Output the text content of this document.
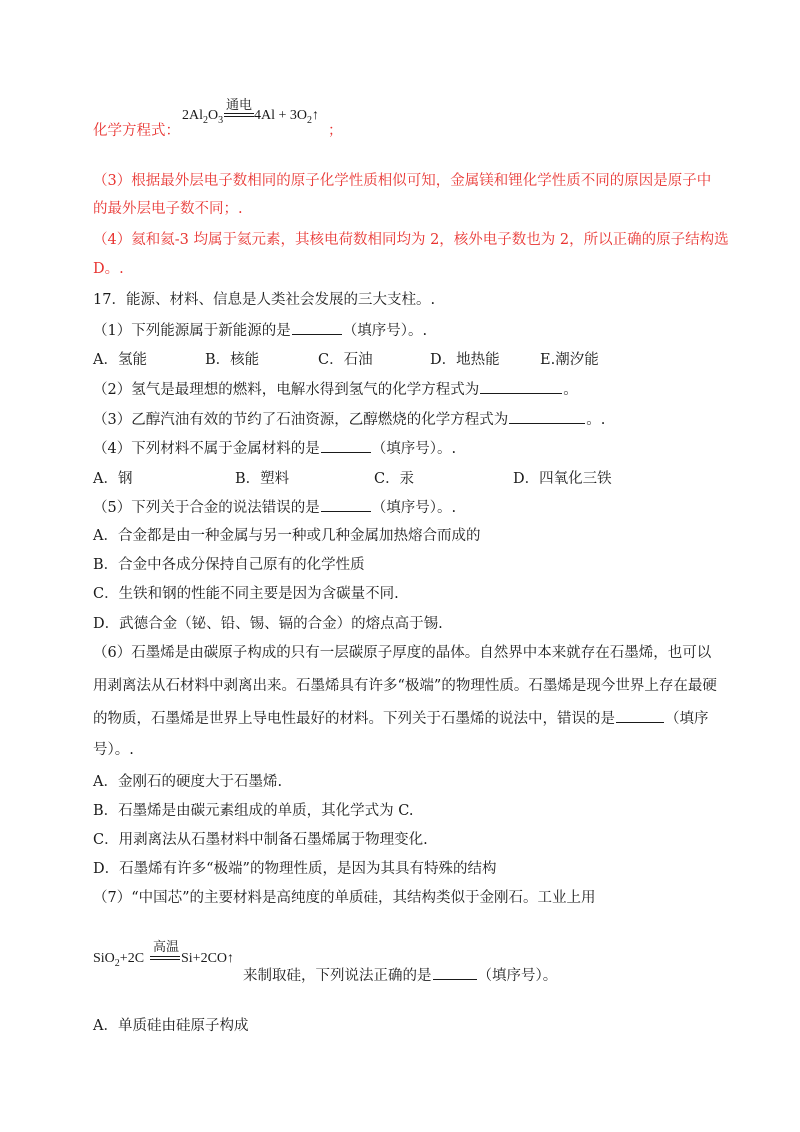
化学方程式：
$2Al_2O_3$
通电
$4Al + 3O_2↑$
；
（3）根据最外层电子数相同的原子化学性质相似可知，金属镁和锂化学性质不同的原因是原子中
的最外层电子数不同；.
（4）氦和氦-3 均属于氦元素，其核电荷数相同均为 2，核外电子数也为 2，所以正确的原子结构选
D。.
17．能源、材料、信息是人类社会发展的三大支柱。.
（1）下列能源属于新能源的是	（填序号）。.
A．氢能	B．核能	C．石油	D．地热能	E.潮汐能
（2）氢气是最理想的燃料，电解水得到氢气的化学方程式为	。
（3）乙醇汽油有效的节约了石油资源，乙醇燃烧的化学方程式为	。.
（4）下列材料不属于金属材料的是	（填序号）。.
A．钢	B．塑料	C．汞	D．四氧化三铁
（5）下列关于合金的说法错误的是	（填序号）。.
A．合金都是由一种金属与另一种或几种金属加热熔合而成的
B．合金中各成分保持自己原有的化学性质
C．生铁和钢的性能不同主要是因为含碳量不同.
D．武德合金（铋、铅、锡、镉的合金）的熔点高于锡.
（6）石墨烯是由碳原子构成的只有一层碳原子厚度的晶体。自然界中本来就存在石墨烯，也可以
用剥离法从石材料中剥离出来。石墨烯具有许多“极端”的物理性质。石墨烯是现今世界上存在最硬
的物质，石墨烯是世界上导电性最好的材料。下列关于石墨烯的说法中，错误的是	（填序
号）。.
A．金刚石的硬度大于石墨烯.
B．石墨烯是由碳元素组成的单质，其化学式为 C.
C．用剥离法从石墨材料中制备石墨烯属于物理变化.
D．石墨烯有许多“极端”的物理性质，是因为其具有特殊的结构
（7）“中国芯”的主要材料是高纯度的单质硅，其结构类似于金刚石。工业上用
SiO$_2$+2C
高温
Si+2CO↑
来制取硅，下列说法正确的是	（填序号）。
A．单质硅由硅原子构成
